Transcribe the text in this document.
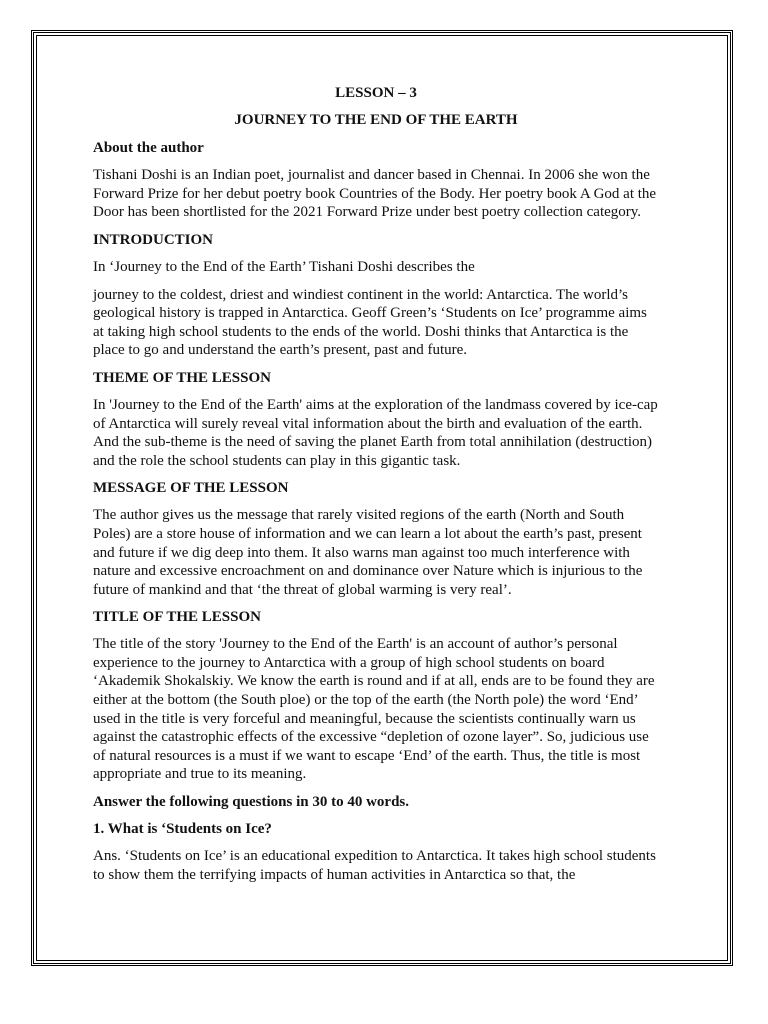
LESSON – 3
JOURNEY TO THE END OF THE EARTH
About the author

Tishani Doshi is an Indian poet, journalist and dancer based in Chennai. In 2006 she won the Forward Prize for her debut poetry book Countries of the Body. Her poetry book A God at the Door has been shortlisted for the 2021 Forward Prize under best poetry collection category.

INTRODUCTION

In ‘Journey to the End of the Earth’ Tishani Doshi describes the

journey to the coldest, driest and windiest continent in the world: Antarctica. The world’s geological history is trapped in Antarctica. Geoff Green’s ‘Students on Ice’ programme aims at taking high school students to the ends of the world. Doshi thinks that Antarctica is the place to go and understand the earth’s present, past and future.

THEME OF THE LESSON

In 'Journey to the End of the Earth' aims at the exploration of the landmass covered by ice-cap of Antarctica will surely reveal vital information about the birth and evaluation of the earth. And the sub-theme is the need of saving the planet Earth from total annihilation (destruction) and the role the school students can play in this gigantic task.

MESSAGE OF THE LESSON

The author gives us the message that rarely visited regions of the earth (North and South Poles) are a store house of information and we can learn a lot about the earth’s past, present and future if we dig deep into them. It also warns man against too much interference with nature and excessive encroachment on and dominance over Nature which is injurious to the future of mankind and that ‘the threat of global warming is very real’.

TITLE OF THE LESSON

The title of the story 'Journey to the End of the Earth' is an account of author’s personal experience to the journey to Antarctica with a group of high school students on board ‘Akademik Shokalskiy. We know the earth is round and if at all, ends are to be found they are either at the bottom (the South ploe) or the top of the earth (the North pole) the word ‘End’ used in the title is very forceful and meaningful, because the scientists continually warn us against the catastrophic effects of the excessive “depletion of ozone layer”. So, judicious use of natural resources is a must if we want to escape ‘End’ of the earth. Thus, the title is most appropriate and true to its meaning.

Answer the following questions in 30 to 40 words.
1. What is ‘Students on Ice?

Ans. ‘Students on Ice’ is an educational expedition to Antarctica. It takes high school students to show them the terrifying impacts of human activities in Antarctica so that, the
